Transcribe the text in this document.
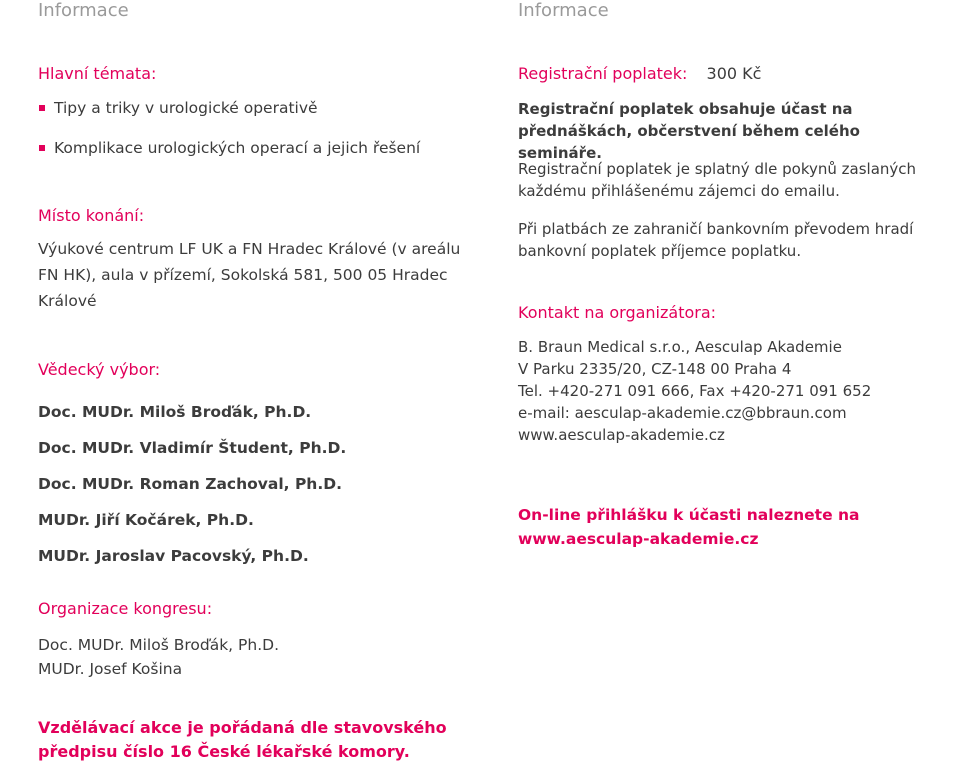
Informace	Informace
Hlavní témata:
Tipy a triky v urologické operativě
Komplikace urologických operací a jejich řešení
Místo konání:
Výukové centrum LF UK a FN Hradec Králové (v areálu
FN HK), aula v přízemí, Sokolská 581, 500 05 Hradec
Králové
Vědecký výbor:
Doc. MUDr. Miloš Broďák, Ph.D.
Doc. MUDr. Vladimír Študent, Ph.D.
Doc. MUDr. Roman Zachoval, Ph.D.
MUDr. Jiří Kočárek, Ph.D.
MUDr. Jaroslav Pacovský, Ph.D.
Organizace kongresu:
Doc. MUDr. Miloš Broďák, Ph.D.
MUDr. Josef Košina
Vzdělávací akce je pořádaná dle stavovského
předpisu číslo 16 České lékařské komory.
Registrační poplatek: 300 Kč

Registrační poplatek obsahuje účast na

přednáškách, občerstvení během celého semináře.

Registrační poplatek je splatný dle pokynů zaslaných

každému přihlášenému zájemci do emailu.

Při platbách ze zahraničí bankovním převodem hradí

bankovní poplatek příjemce poplatku.

Kontakt na organizátora:

B. Braun Medical s.r.o., Aesculap Akademie

V Parku 2335/20, CZ-148 00 Praha 4

Tel. +420-271 091 666, Fax +420-271 091 652

e-mail: aesculap-akademie.cz@bbraun.com

www.aesculap-akademie.cz

On-line přihlášku k účasti naleznete na
www.aesculap-akademie.cz
